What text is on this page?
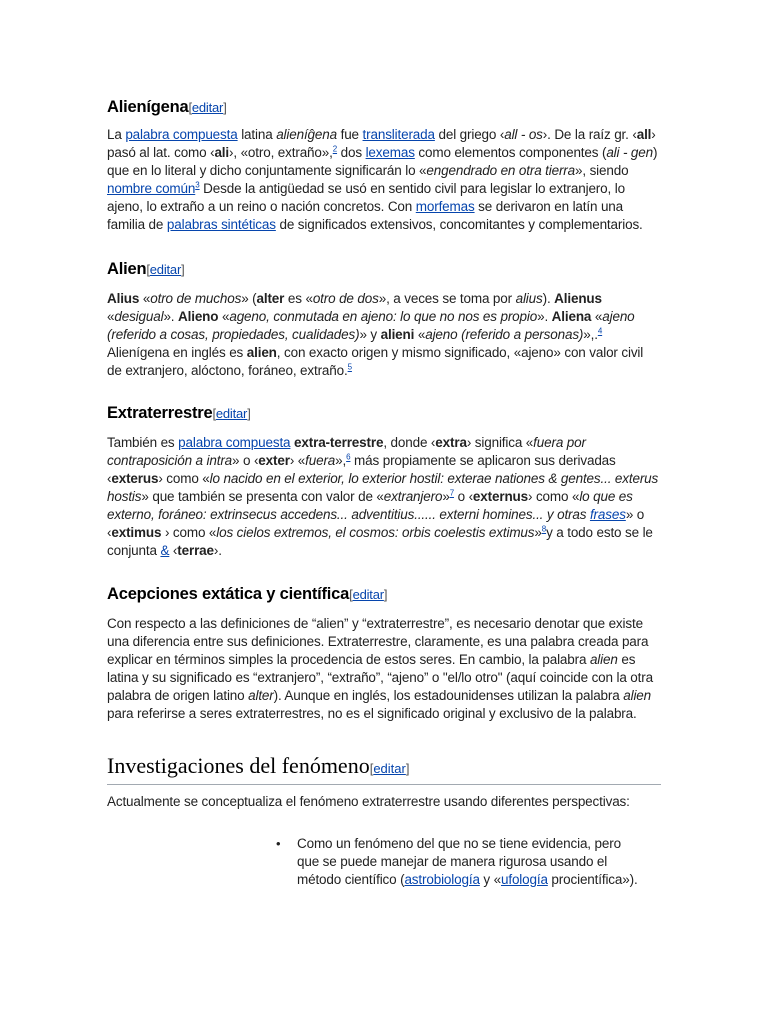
Alienígena[editar]

La palabra compuesta latina alieníĝena fue transliterada del griego ‹all - os›. De la raíz gr. ‹all› pasó al lat. como ‹ali›, «otro, extraño»,$^2$ dos lexemas como elementos componentes (ali - gen) que en lo literal y dicho conjuntamente significarán lo «engendrado en otra tierra», siendo nombre común$^3$ Desde la antigüedad se usó en sentido civil para legislar lo extranjero, lo ajeno, lo extraño a un reino o nación concretos. Con morfemas se derivaron en latín una familia de palabras sintéticas de significados extensivos, concomitantes y complementarios.

Alien[editar]

Alius «otro de muchos» (alter es «otro de dos», a veces se toma por alius). Alienus «desigual». Alieno «ageno, conmutada en ajeno: lo que no nos es propio». Aliena «ajeno (referido a cosas, propiedades, cualidades)» y alieni «ajeno (referido a personas)»,.$^4$ Alienígena en inglés es alien, con exacto origen y mismo significado, «ajeno» con valor civil de extranjero, alóctono, foráneo, extraño.$^5$

Extraterrestre[editar]

También es palabra compuesta extra-terrestre, donde ‹extra› significa «fuera por contraposición a intra» o ‹exter› «fuera»,$^6$ más propiamente se aplicaron sus derivadas ‹exterus› como «lo nacido en el exterior, lo exterior hostil: exterae nationes & gentes... exterus hostis» que también se presenta con valor de «extranjero»$^7$ o ‹externus› como «lo que es externo, foráneo: extrinsecus accedens... adventitius...... externi homines... y otras frases» o ‹extimus › como «los cielos extremos, el cosmos: orbis coelestis extimus»$^8$y a todo esto se le conjunta & ‹terrae›.

Acepciones extática y científica[editar]

Con respecto a las definiciones de “alien” y “extraterrestre”, es necesario denotar que existe una diferencia entre sus definiciones. Extraterrestre, claramente, es una palabra creada para explicar en términos simples la procedencia de estos seres. En cambio, la palabra alien es latina y su significado es “extranjero”, “extraño”, “ajeno” o "el/lo otro" (aquí coincide con la otra palabra de origen latino alter). Aunque en inglés, los estadounidenses utilizan la palabra alien para referirse a seres extraterrestres, no es el significado original y exclusivo de la palabra.

Investigaciones del fenómeno[editar]

Actualmente se conceptualiza el fenómeno extraterrestre usando diferentes perspectivas:

• Como un fenómeno del que no se tiene evidencia, pero que se puede manejar de manera rigurosa usando el método científico (astrobiología y «ufología procientífica»).
